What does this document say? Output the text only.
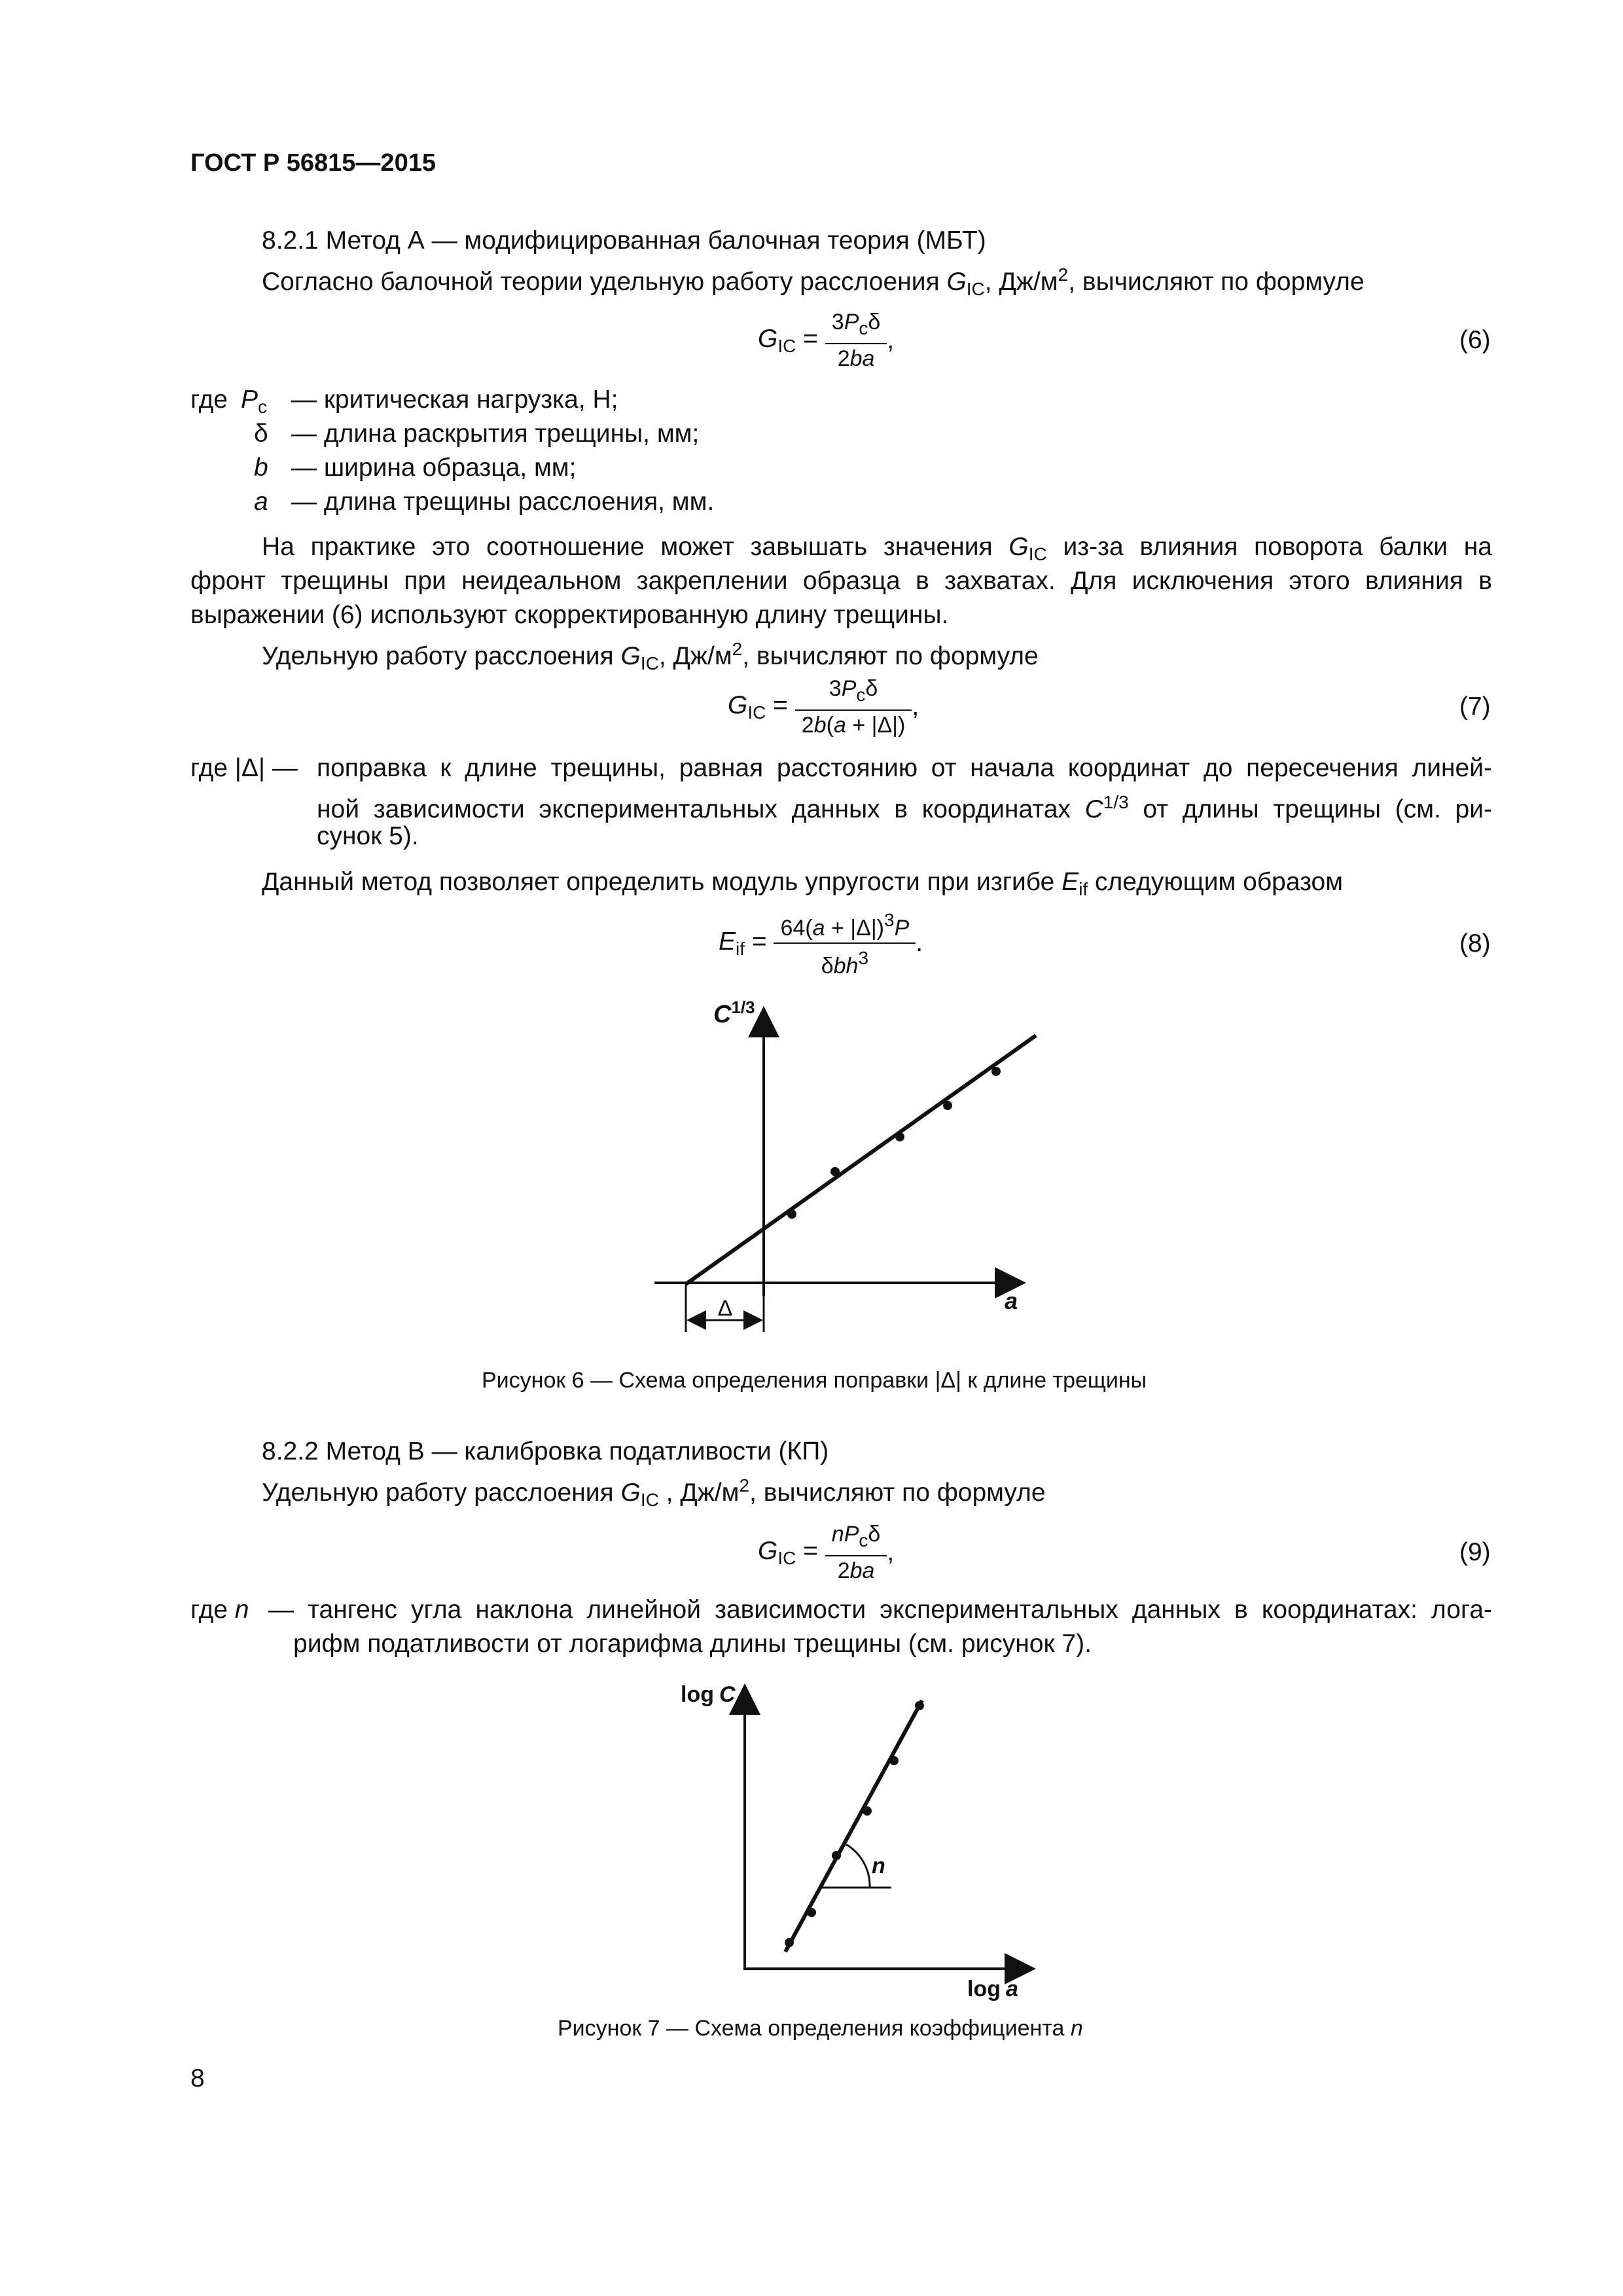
ГОСТ Р 56815—2015
8.2.1 Метод А — модифицированная балочная теория (МБТ)
Согласно балочной теории удельную работу расслоения $G_{IC}$, $Дж/м^2$, вычисляют по формуле
$G_{IC} = \frac{3P_c\delta}{2ba}$ ,	(6)
где $P_c$ — критическая нагрузка, Н;
δ — длина раскрытия трещины, мм;
b — ширина образца, мм;
a — длина трещины расслоения, мм.
На практике это соотношение может завышать значения $G_{IC}$ из-за влияния поворота балки на
фронт трещины при неидеальном закреплении образца в захватах. Для исключения этого влияния в
выражении (6) используют скорректированную длину трещины.
Удельную работу расслоения $G_{IC}$, $Дж/м^2$, вычисляют по формуле
$G_{IC} = \frac{3P_c\delta}{2b(a + |\Delta|)}$ ,	(7)
где |Δ| — поправка к длине трещины, равная расстоянию от начала координат до пересечения линей-
ной зависимости экспериментальных данных в координатах $C^{1/3}$ от длины трещины (см. ри-
сунок 5).
Данный метод позволяет определить модуль упругости при изгибе $E_{if}$ следующим образом
$E_{if} = \frac{64(a + |\Delta|)^3P}{\delta bh^3}$ .	(8)
Δ
$C^{1/3}$
a
Рисунок 6 — Схема определения поправки |Δ| к длине трещины
8.2.2 Метод В — калибровка податливости (КП)
Удельную работу расслоения $G_{IC}$ , $Дж/м^2$, вычисляют по формуле
$G_{IC} = \frac{nP_c\delta}{2ba}$ ,	(9)
где n — тангенс угла наклона линейной зависимости экспериментальных данных в координатах: лога-
рифм податливости от логарифма длины трещины (см. рисунок 7).
n
log C
log a
Рисунок 7 — Схема определения коэффициента n
8
